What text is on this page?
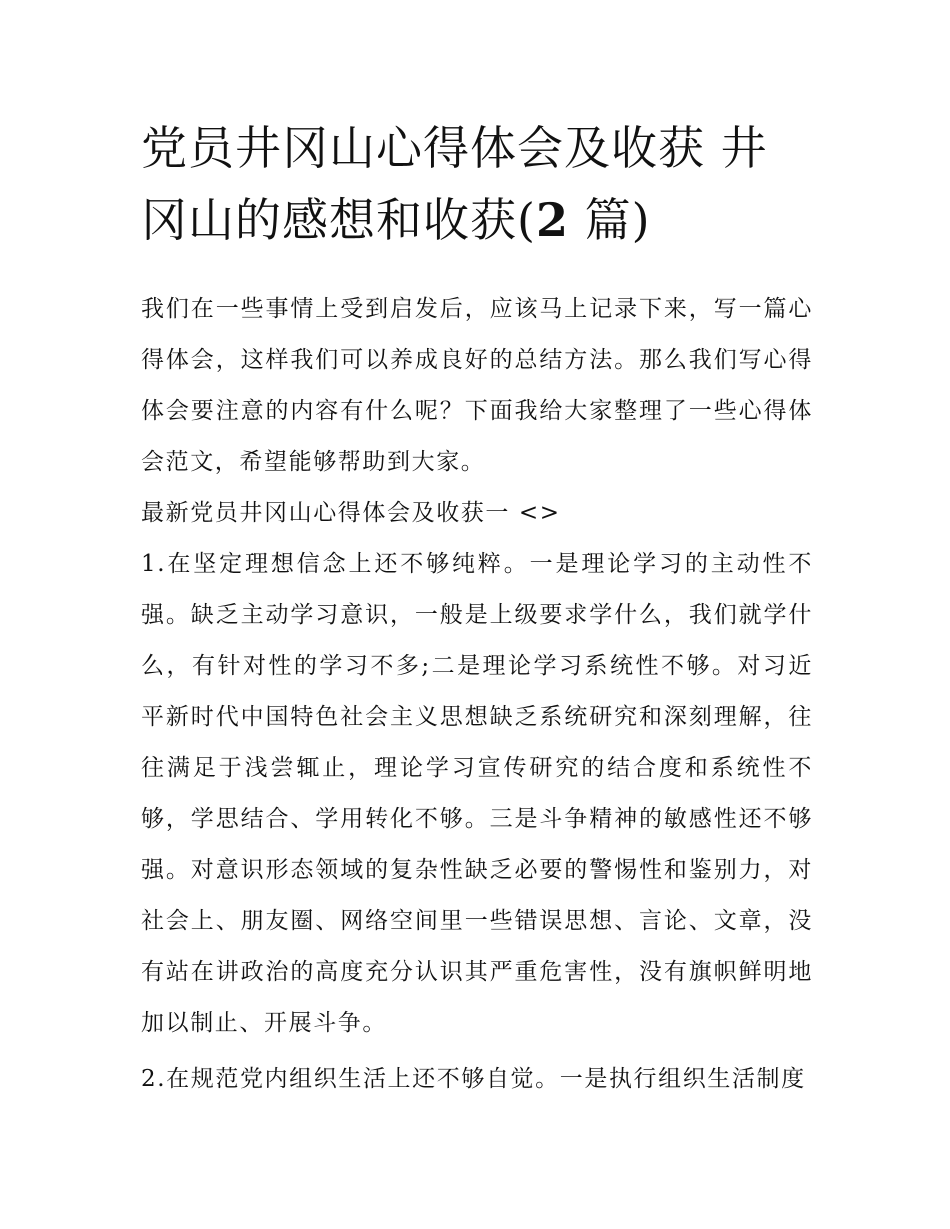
党员井冈山心得体会及收获 井冈山的感想和收获(2 篇)

我们在一些事情上受到启发后，应该马上记录下来，写一篇心得体会，这样我们可以养成良好的总结方法。那么我们写心得体会要注意的内容有什么呢？下面我给大家整理了一些心得体会范文，希望能够帮助到大家。

最新党员井冈山心得体会及收获一 <>

1.在坚定理想信念上还不够纯粹。一是理论学习的主动性不强。缺乏主动学习意识，一般是上级要求学什么，我们就学什么，有针对性的学习不多;二是理论学习系统性不够。对习近平新时代中国特色社会主义思想缺乏系统研究和深刻理解，往往满足于浅尝辄止，理论学习宣传研究的结合度和系统性不够，学思结合、学用转化不够。三是斗争精神的敏感性还不够强。对意识形态领域的复杂性缺乏必要的警惕性和鉴别力，对社会上、朋友圈、网络空间里一些错误思想、言论、文章，没有站在讲政治的高度充分认识其严重危害性，没有旗帜鲜明地加以制止、开展斗争。

2.在规范党内组织生活上还不够自觉。一是执行组织生活制度
